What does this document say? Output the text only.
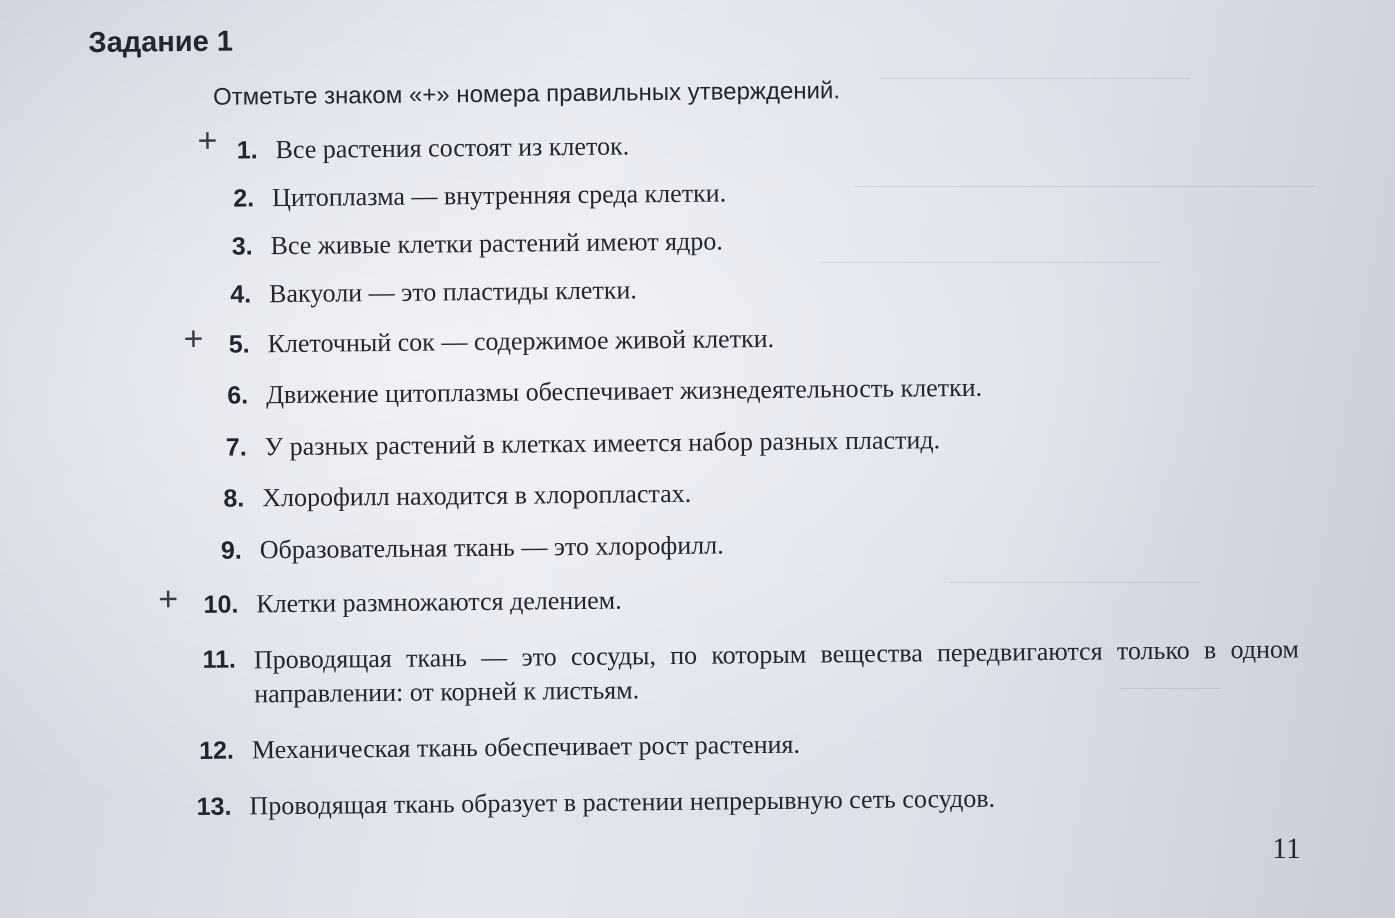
Задание 1
Отметьте знаком «+» номера правильных утверждений.
1. Все растения состоят из клеток.
2. Цитоплазма — внутренняя среда клетки.
3. Все живые клетки растений имеют ядро.
4. Вакуоли — это пластиды клетки.
5. Клеточный сок — содержимое живой клетки.
6. Движение цитоплазмы обеспечивает жизнедеятельность клетки.
7. У разных растений в клетках имеется набор разных пластид.
8. Хлорофилл находится в хлоропластах.
9. Образовательная ткань — это хлорофилл.
10. Клетки размножаются делением.
11. Проводящая ткань — это сосуды, по которым вещества передвигаются только в одном направлении: от корней к листьям.
12. Механическая ткань обеспечивает рост растения.
13. Проводящая ткань образует в растении непрерывную сеть сосудов.
+
+
+
11
